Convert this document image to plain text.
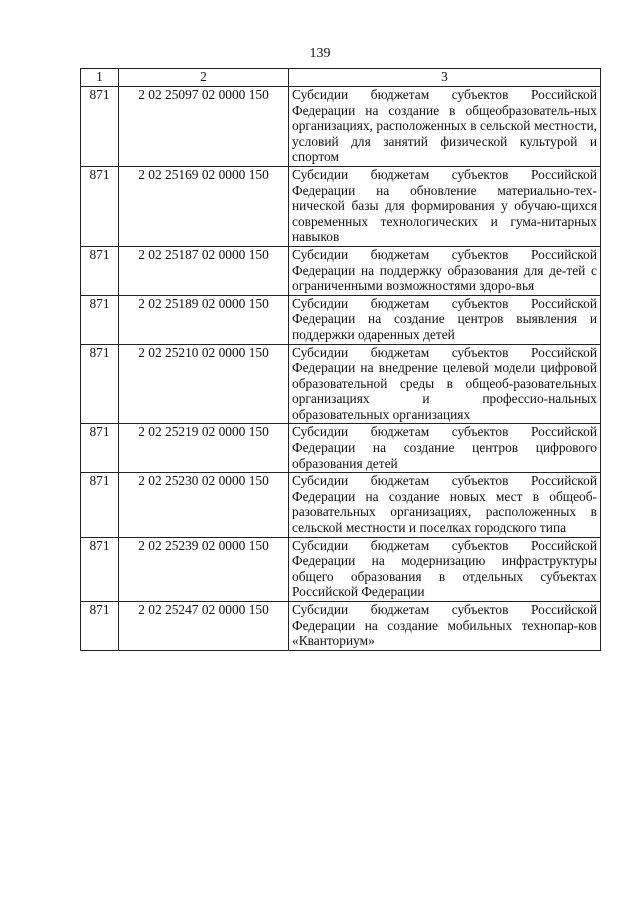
139
1	2	3
871	2 02 25097 02 0000 150	Субсидии бюджетам субъектов Российской Федерации на создание в общеобразователь-ных организациях, расположенных в сельской местности, условий для занятий физической культурой и спортом
871	2 02 25169 02 0000 150	Субсидии бюджетам субъектов Российской Федерации на обновление материально-тех-нической базы для формирования у обучаю-щихся современных технологических и гума-нитарных навыков
871	2 02 25187 02 0000 150	Субсидии бюджетам субъектов Российской Федерации на поддержку образования для де-тей с ограниченными возможностями здоро-вья
871	2 02 25189 02 0000 150	Субсидии бюджетам субъектов Российской Федерации на создание центров выявления и поддержки одаренных детей
871	2 02 25210 02 0000 150	Субсидии бюджетам субъектов Российской Федерации на внедрение целевой модели цифровой образовательной среды в общеоб-разовательных организациях и профессио-нальных образовательных организациях
871	2 02 25219 02 0000 150	Субсидии бюджетам субъектов Российской Федерации на создание центров цифрового образования детей
871	2 02 25230 02 0000 150	Субсидии бюджетам субъектов Российской Федерации на создание новых мест в общеоб-разовательных организациях, расположенных в сельской местности и поселках городского типа
871	2 02 25239 02 0000 150	Субсидии бюджетам субъектов Российской Федерации на модернизацию инфраструктуры общего образования в отдельных субъектах Российской Федерации
871	2 02 25247 02 0000 150	Субсидии бюджетам субъектов Российской Федерации на создание мобильных технопар-ков «Кванториум»
